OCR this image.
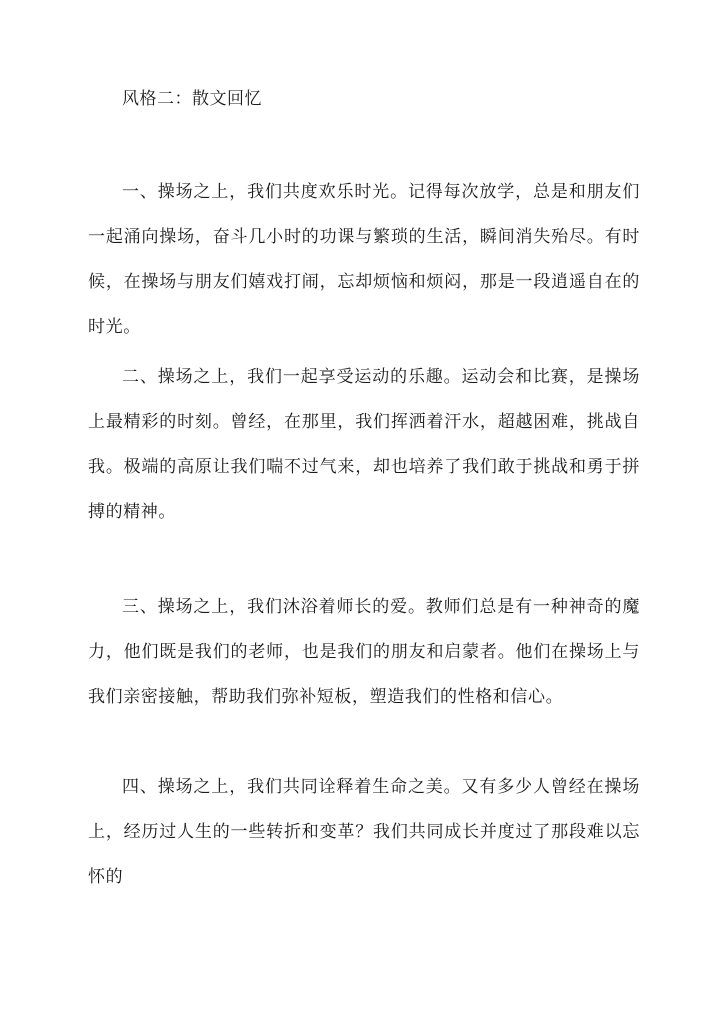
风格二：散文回忆

一、操场之上，我们共度欢乐时光。记得每次放学，总是和朋友们一起涌向操场，奋斗几小时的功课与繁琐的生活，瞬间消失殆尽。有时候，在操场与朋友们嬉戏打闹，忘却烦恼和烦闷，那是一段逍遥自在的时光。

二、操场之上，我们一起享受运动的乐趣。运动会和比赛，是操场上最精彩的时刻。曾经，在那里，我们挥洒着汗水，超越困难，挑战自我。极端的高原让我们喘不过气来，却也培养了我们敢于挑战和勇于拼搏的精神。

三、操场之上，我们沐浴着师长的爱。教师们总是有一种神奇的魔力，他们既是我们的老师，也是我们的朋友和启蒙者。他们在操场上与我们亲密接触，帮助我们弥补短板，塑造我们的性格和信心。

四、操场之上，我们共同诠释着生命之美。又有多少人曾经在操场上，经历过人生的一些转折和变革？我们共同成长并度过了那段难以忘怀的
